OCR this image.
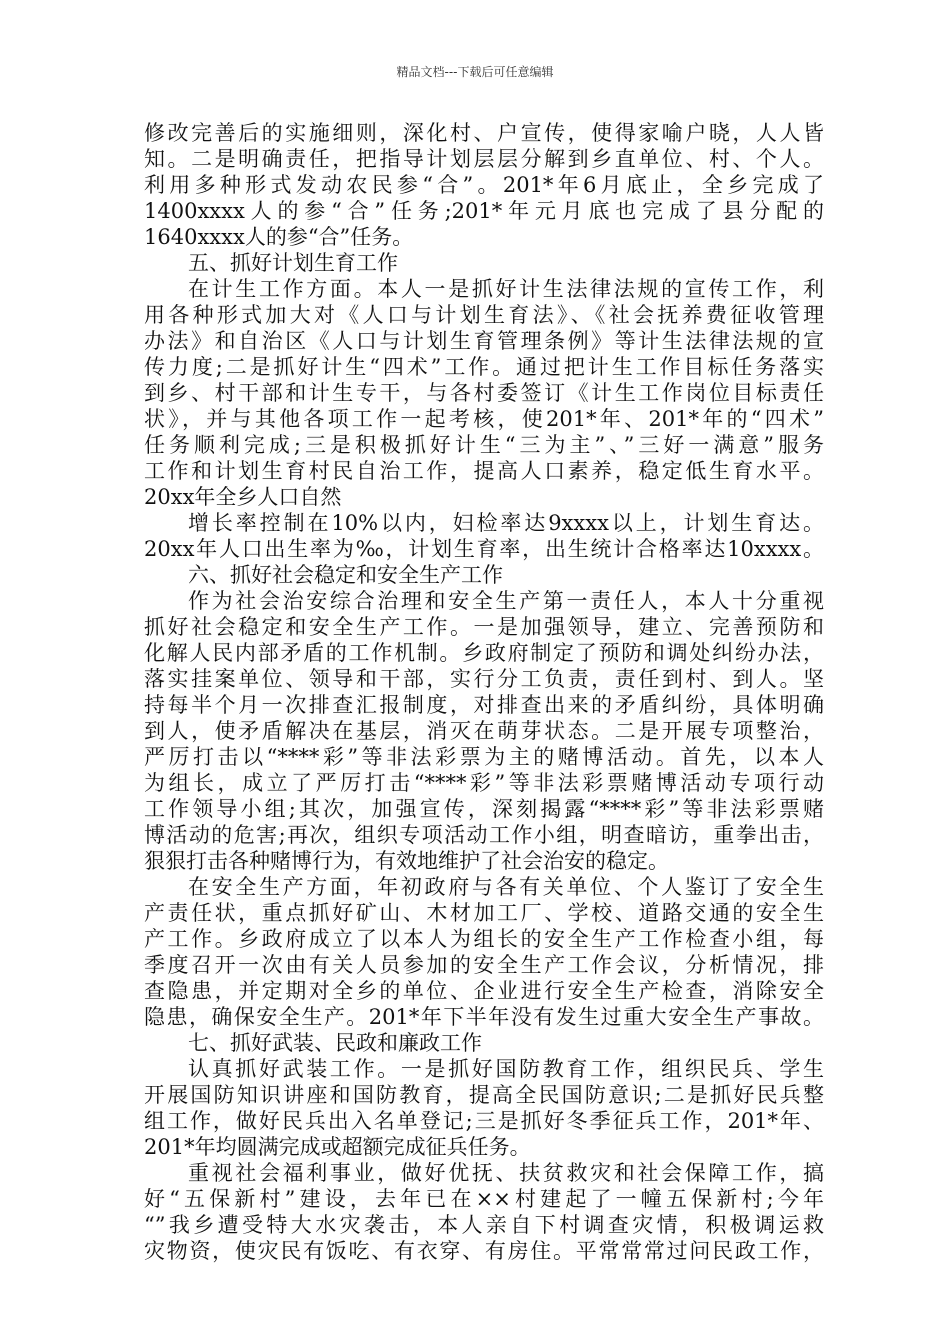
精品文档---下载后可任意编辑
修改完善后的实施细则，深化村、户宣传，使得家喻户晓，人人皆
知。二是明确责任，把指导计划层层分解到乡直单位、村、个人。
利用多种形式发动农民参“合”。201*年6月底止，全乡完成了
1400xxxx人的参“合”任务;201*年元月底也完成了县分配的
1640xxxx人的参“合”任务。
五、抓好计划生育工作
在计生工作方面。本人一是抓好计生法律法规的宣传工作，利
用各种形式加大对《人口与计划生育法》、《社会抚养费征收管理
办法》和自治区《人口与计划生育管理条例》等计生法律法规的宣
传力度;二是抓好计生“四术”工作。通过把计生工作目标任务落实
到乡、村干部和计生专干，与各村委签订《计生工作岗位目标责任
状》，并与其他各项工作一起考核，使201*年、201*年的“四术”
任务顺利完成;三是积极抓好计生“三为主”、”三好一满意”服务
工作和计划生育村民自治工作，提高人口素养，稳定低生育水平。
20xx年全乡人口自然
增长率控制在10%以内，妇检率达9xxxx以上，计划生育达。
20xx年人口出生率为‰，计划生育率，出生统计合格率达10xxxx。
六、抓好社会稳定和安全生产工作
作为社会治安综合治理和安全生产第一责任人，本人十分重视
抓好社会稳定和安全生产工作。一是加强领导，建立、完善预防和
化解人民内部矛盾的工作机制。乡政府制定了预防和调处纠纷办法，
落实挂案单位、领导和干部，实行分工负责，责任到村、到人。坚
持每半个月一次排查汇报制度，对排查出来的矛盾纠纷，具体明确
到人，使矛盾解决在基层，消灭在萌芽状态。二是开展专项整治，
严厉打击以“****彩”等非法彩票为主的赌博活动。首先，以本人
为组长，成立了严厉打击“****彩”等非法彩票赌博活动专项行动
工作领导小组;其次，加强宣传，深刻揭露“****彩”等非法彩票赌
博活动的危害;再次，组织专项活动工作小组，明查暗访，重拳出击，
狠狠打击各种赌博行为，有效地维护了社会治安的稳定。
在安全生产方面，年初政府与各有关单位、个人鉴订了安全生
产责任状，重点抓好矿山、木材加工厂、学校、道路交通的安全生
产工作。乡政府成立了以本人为组长的安全生产工作检查小组，每
季度召开一次由有关人员参加的安全生产工作会议，分析情况，排
查隐患，并定期对全乡的单位、企业进行安全生产检查，消除安全
隐患，确保安全生产。201*年下半年没有发生过重大安全生产事故。
七、抓好武装、民政和廉政工作
认真抓好武装工作。一是抓好国防教育工作，组织民兵、学生
开展国防知识讲座和国防教育，提高全民国防意识;二是抓好民兵整
组工作，做好民兵出入名单登记;三是抓好冬季征兵工作，201*年、
201*年均圆满完成或超额完成征兵任务。
重视社会福利事业，做好优抚、扶贫救灾和社会保障工作，搞
好“五保新村”建设，去年已在××村建起了一幢五保新村;今年
“”我乡遭受特大水灾袭击，本人亲自下村调查灾情，积极调运救
灾物资，使灾民有饭吃、有衣穿、有房住。平常常常过问民政工作，
